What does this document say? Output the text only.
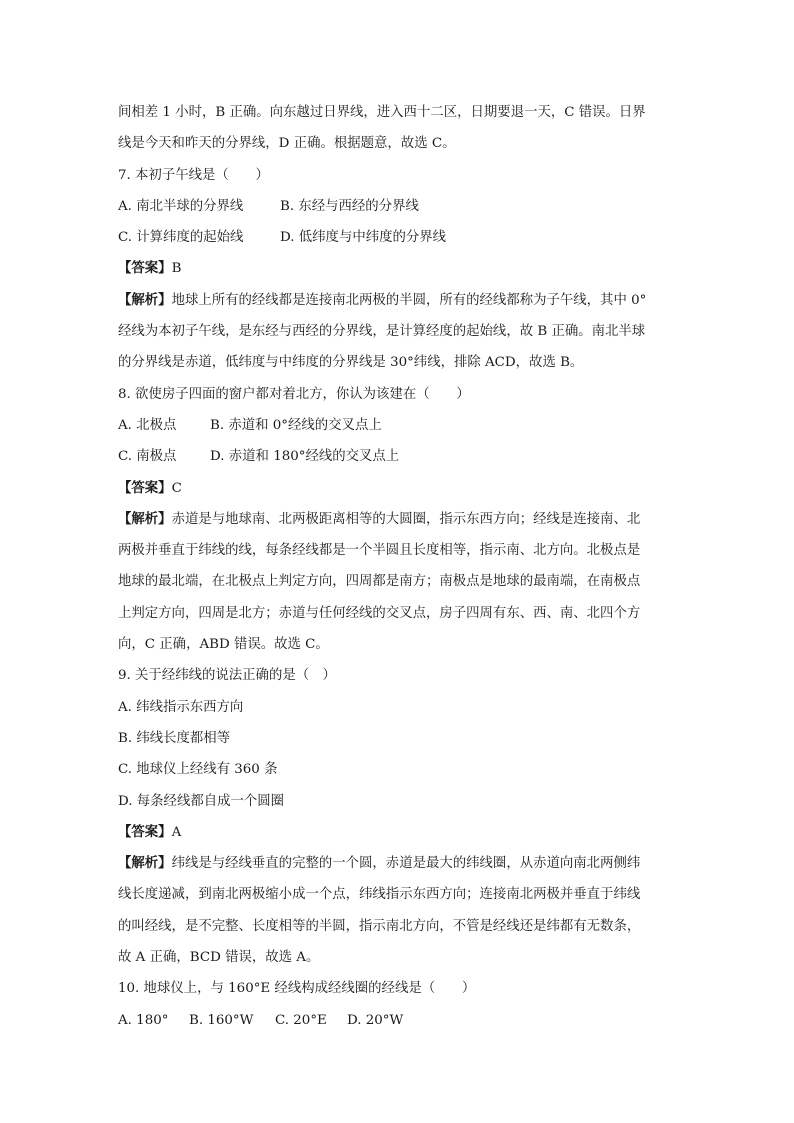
间相差 1 小时，B 正确。向东越过日界线，进入西十二区，日期要退一天，C 错误。日界
线是今天和昨天的分界线，D 正确。根据题意，故选 C。
7. 本初子午线是（　　）
A. 南北半球的分界线	B. 东经与西经的分界线
C. 计算纬度的起始线	D. 低纬度与中纬度的分界线
【答案】B
【解析】地球上所有的经线都是连接南北两极的半圆，所有的经线都称为子午线，其中 0°
经线为本初子午线，是东经与西经的分界线，是计算经度的起始线，故 B 正确。南北半球
的分界线是赤道，低纬度与中纬度的分界线是 30°纬线，排除 ACD，故选 B。
8. 欲使房子四面的窗户都对着北方，你认为该建在（　　）
A. 北极点	B. 赤道和 0°经线的交叉点上
C. 南极点	D. 赤道和 180°经线的交叉点上
【答案】C
【解析】赤道是与地球南、北两极距离相等的大圆圈，指示东西方向；经线是连接南、北
两极并垂直于纬线的线，每条经线都是一个半圆且长度相等，指示南、北方向。北极点是
地球的最北端，在北极点上判定方向，四周都是南方；南极点是地球的最南端，在南极点
上判定方向，四周是北方；赤道与任何经线的交叉点，房子四周有东、西、南、北四个方
向，C 正确，ABD 错误。故选 C。
9. 关于经纬线的说法正确的是（　）
A. 纬线指示东西方向
B. 纬线长度都相等
C. 地球仪上经线有 360 条
D. 每条经线都自成一个圆圈
【答案】A
【解析】纬线是与经线垂直的完整的一个圆，赤道是最大的纬线圈，从赤道向南北两侧纬
线长度递减，到南北两极缩小成一个点，纬线指示东西方向；连接南北两极并垂直于纬线
的叫经线，是不完整、长度相等的半圆，指示南北方向，不管是经线还是纬都有无数条，
故 A 正确，BCD 错误，故选 A。
10. 地球仪上，与 160°E 经线构成经线圈的经线是（　　）
A. 180°	B. 160°W	C. 20°E	D. 20°W
